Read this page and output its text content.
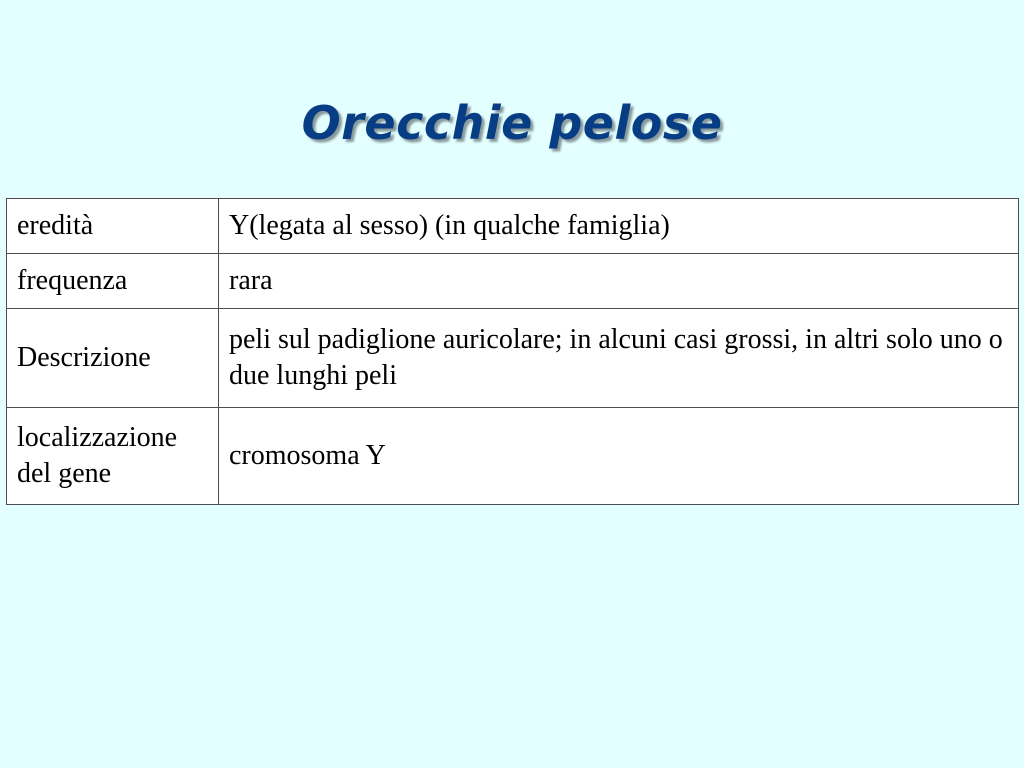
Orecchie pelose
eredità	Y(legata al sesso) (in qualche famiglia)
frequenza	rara
Descrizione	peli sul padiglione auricolare; in alcuni casi grossi, in altri solo uno o due lunghi peli
localizzazione del gene	cromosoma Y
